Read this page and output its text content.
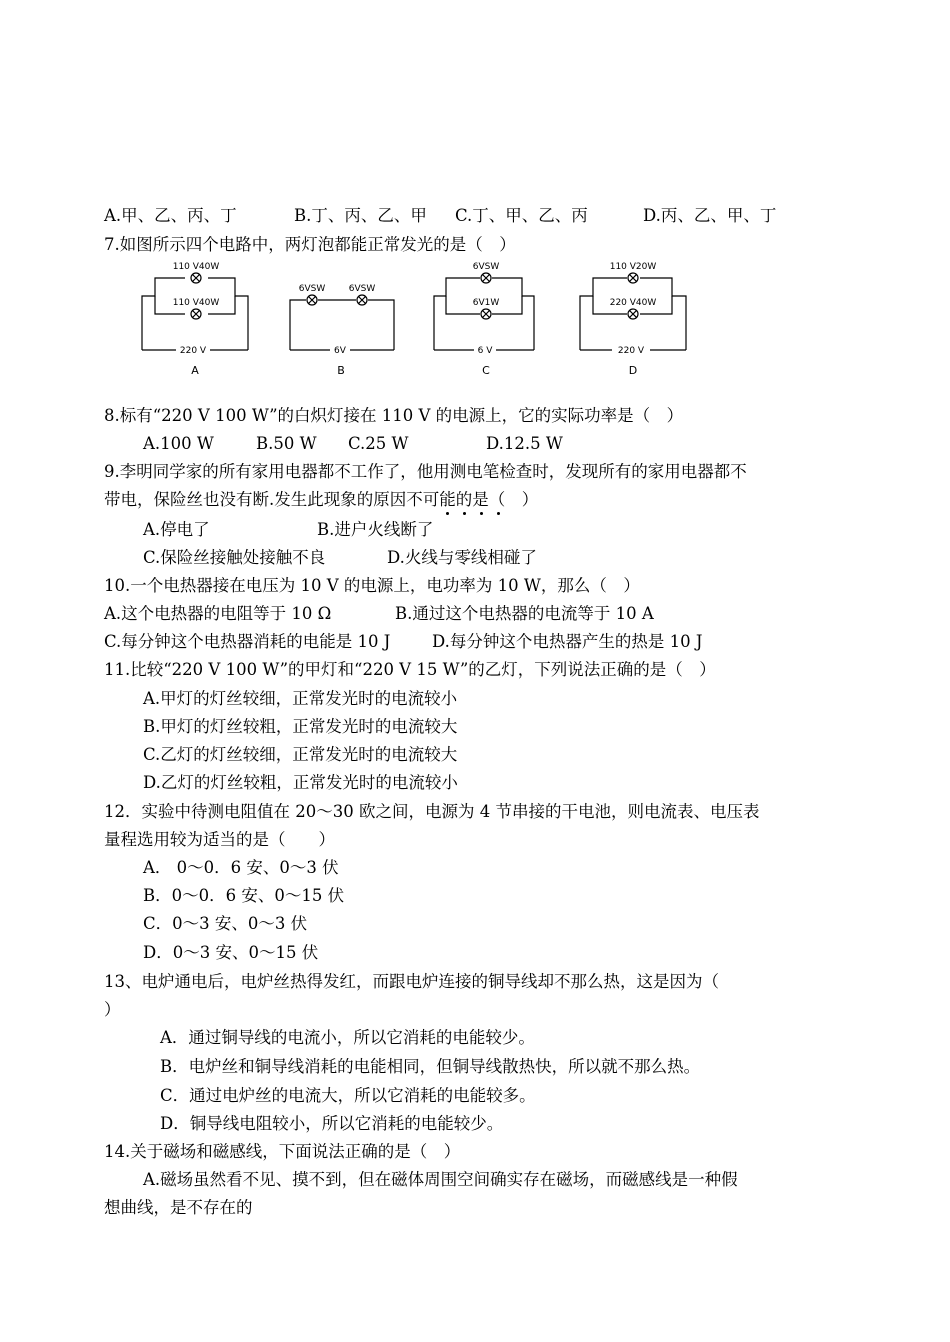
A.甲、乙、丙、丁	B.丁、丙、乙、甲 C.丁、甲、乙、丙	D.丙、乙、甲、丁
7.如图所示四个电路中，两灯泡都能正常发光的是（　）
110 V40W
110 V40W
220 V
A
6VSW	6VSW
6V
B
6VSW
6V1W
6 V
C
110 V20W
220 V40W
220 V
D
8.标有“220 V 100 W”的白炽灯接在 110 V 的电源上，它的实际功率是（　）
A.100 W	B.50 W C.25 W	D.12.5 W
9.李明同学家的所有家用电器都不工作了，他用测电笔检查时，发现所有的家用电器都不
带电，保险丝也没有断.发生此现象的原因不可能的是（　）
A.停电了	B.进户火线断了
C.保险丝接触处接触不良	D.火线与零线相碰了
10.一个电热器接在电压为 10 V 的电源上，电功率为 10 W，那么（　）
A.这个电热器的电阻等于 10 Ω	B.通过这个电热器的电流等于 10 A
C.每分钟这个电热器消耗的电能是 10 J	D.每分钟这个电热器产生的热是 10 J
11.比较“220 V 100 W”的甲灯和“220 V 15 W”的乙灯，下列说法正确的是（　）
A.甲灯的灯丝较细，正常发光时的电流较小
B.甲灯的灯丝较粗，正常发光时的电流较大
C.乙灯的灯丝较细，正常发光时的电流较大
D.乙灯的灯丝较粗，正常发光时的电流较小
12．实验中待测电阻值在 20～30 欧之间，电源为 4 节串接的干电池，则电流表、电压表
量程选用较为适当的是（　　）
A． 0～0．6 安、0～3 伏
B．0～0．6 安、0～15 伏
C．0～3 安、0～3 伏
D．0～3 安、0～15 伏
13、电炉通电后，电炉丝热得发红，而跟电炉连接的铜导线却不那么热，这是因为（
）
A．通过铜导线的电流小，所以它消耗的电能较少。
B．电炉丝和铜导线消耗的电能相同，但铜导线散热快，所以就不那么热。
C．通过电炉丝的电流大，所以它消耗的电能较多。
D．铜导线电阻较小，所以它消耗的电能较少。
14.关于磁场和磁感线，下面说法正确的是（　）
A.磁场虽然看不见、摸不到，但在磁体周围空间确实存在磁场，而磁感线是一种假
想曲线，是不存在的
